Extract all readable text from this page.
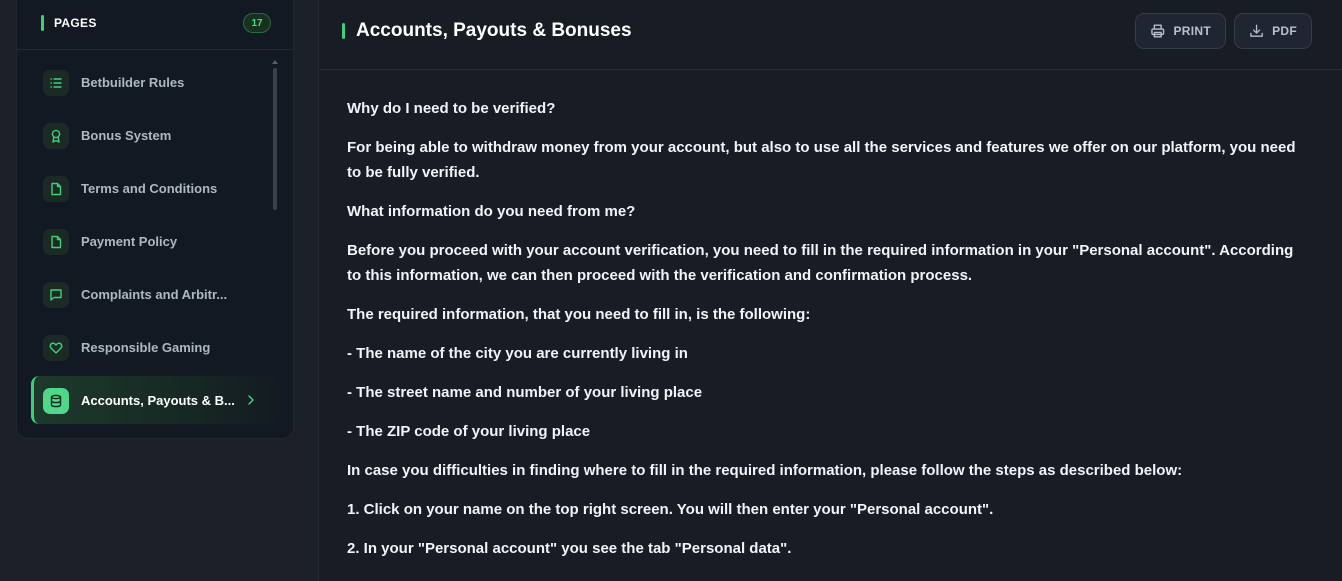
PAGES	17
Betbuilder Rules
Bonus System
Terms and Conditions
Payment Policy
Complaints and Arbitr...
Responsible Gaming
Accounts, Payouts & B...
Accounts, Payouts & Bonuses	PRINT	PDF

Why do I need to be verified?

For being able to withdraw money from your account, but also to use all the services and features we offer on our platform, you need to be fully verified.

What information do you need from me?

Before you proceed with your account verification, you need to fill in the required information in your "Personal account". According to this information, we can then proceed with the verification and confirmation process.

The required information, that you need to fill in, is the following:

- The name of the city you are currently living in

- The street name and number of your living place

- The ZIP code of your living place

In case you difficulties in finding where to fill in the required information, please follow the steps as described below:

1. Click on your name on the top right screen. You will then enter your "Personal account".

2. In your "Personal account" you see the tab "Personal data".
